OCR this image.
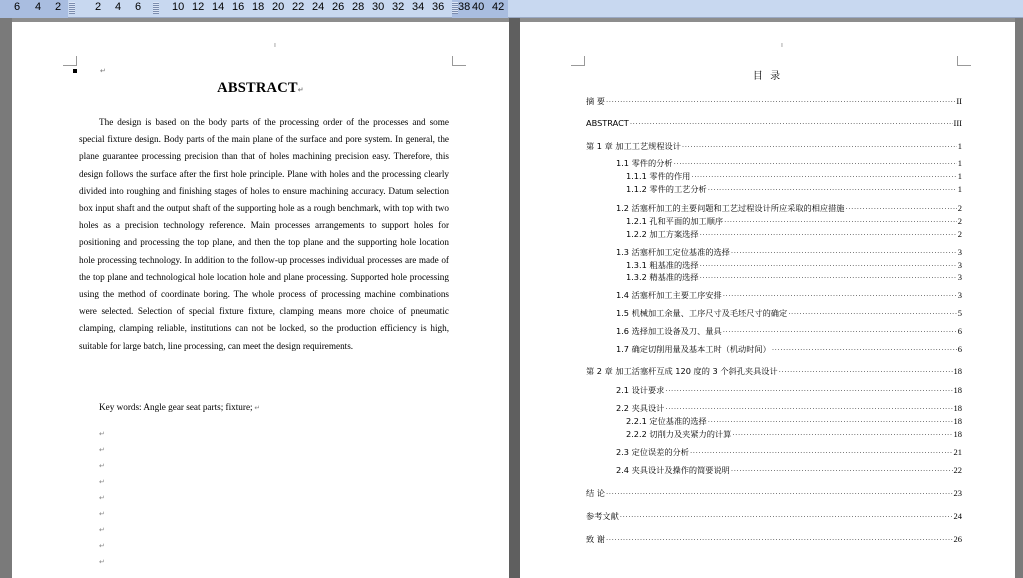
6 4 2	2 4 6	10 12 14 16 18 20 22 24 26 28 30 32 34 36 38 40 42
ı
↵
ABSTRACT↵
The design is based on the body parts of the processing order of the processes and some special fixture design. Body parts of the main plane of the surface and pore system. In general, the plane guarantee processing precision than that of holes machining precision easy. Therefore, this design follows the surface after the first hole principle. Plane with holes and the processing clearly divided into roughing and finishing stages of holes to ensure machining accuracy. Datum selection box input shaft and the output shaft of the supporting hole as a rough benchmark, with top with two holes as a precision technology reference. Main processes arrangements to support holes for positioning and processing the top plane, and then the top plane and the supporting hole location hole processing technology. In addition to the follow-up processes individual processes are made of the top plane and technological hole location hole and plane processing. Supported hole processing using the method of coordinate boring. The whole process of processing machine combinations were selected. Selection of special fixture fixture, clamping means more choice of pneumatic clamping, clamping reliable, institutions can not be locked, so the production efficiency is high, suitable for large batch, line processing, can meet the design requirements.
Key words: Angle gear seat parts; fixture; ↵
↵
↵
↵
↵
↵
↵
↵
↵
↵
ı
目 录
摘 要 ·····	II
ABSTRACT ·····	III
第 1 章 加工工艺规程设计 ·····	1
1.1 零件的分析 ·····	1
1.1.1 零件的作用 ·····	1
1.1.2 零件的工艺分析 ·····	1
1.2 活塞杆加工的主要问题和工艺过程设计所应采取的相应措施 ·····	2
1.2.1 孔和平面的加工顺序 ·····	2
1.2.2 加工方案选择 ·····	2
1.3 活塞杆加工定位基准的选择 ·····	3
1.3.1 粗基准的选择 ·····	3
1.3.2 精基准的选择 ·····	3
1.4 活塞杆加工主要工序安排 ·····	3
1.5 机械加工余量、工序尺寸及毛坯尺寸的确定 ·····	5
1.6 选择加工设备及刀、量具 ·····	6
1.7 确定切削用量及基本工时（机动时间） ·····	6
第 2 章 加工活塞杆互成 120 度的 3 个斜孔夹具设计 ·····	18
2.1 设计要求 ·····	18
2.2 夹具设计 ·····	18
2.2.1 定位基准的选择 ·····	18
2.2.2 切削力及夹紧力的计算 ·····	18
2.3 定位误差的分析 ·····	21
2.4 夹具设计及操作的简要说明 ·····	22
结 论 ·····	23
参考文献 ·····	24
致 谢 ·····	26
